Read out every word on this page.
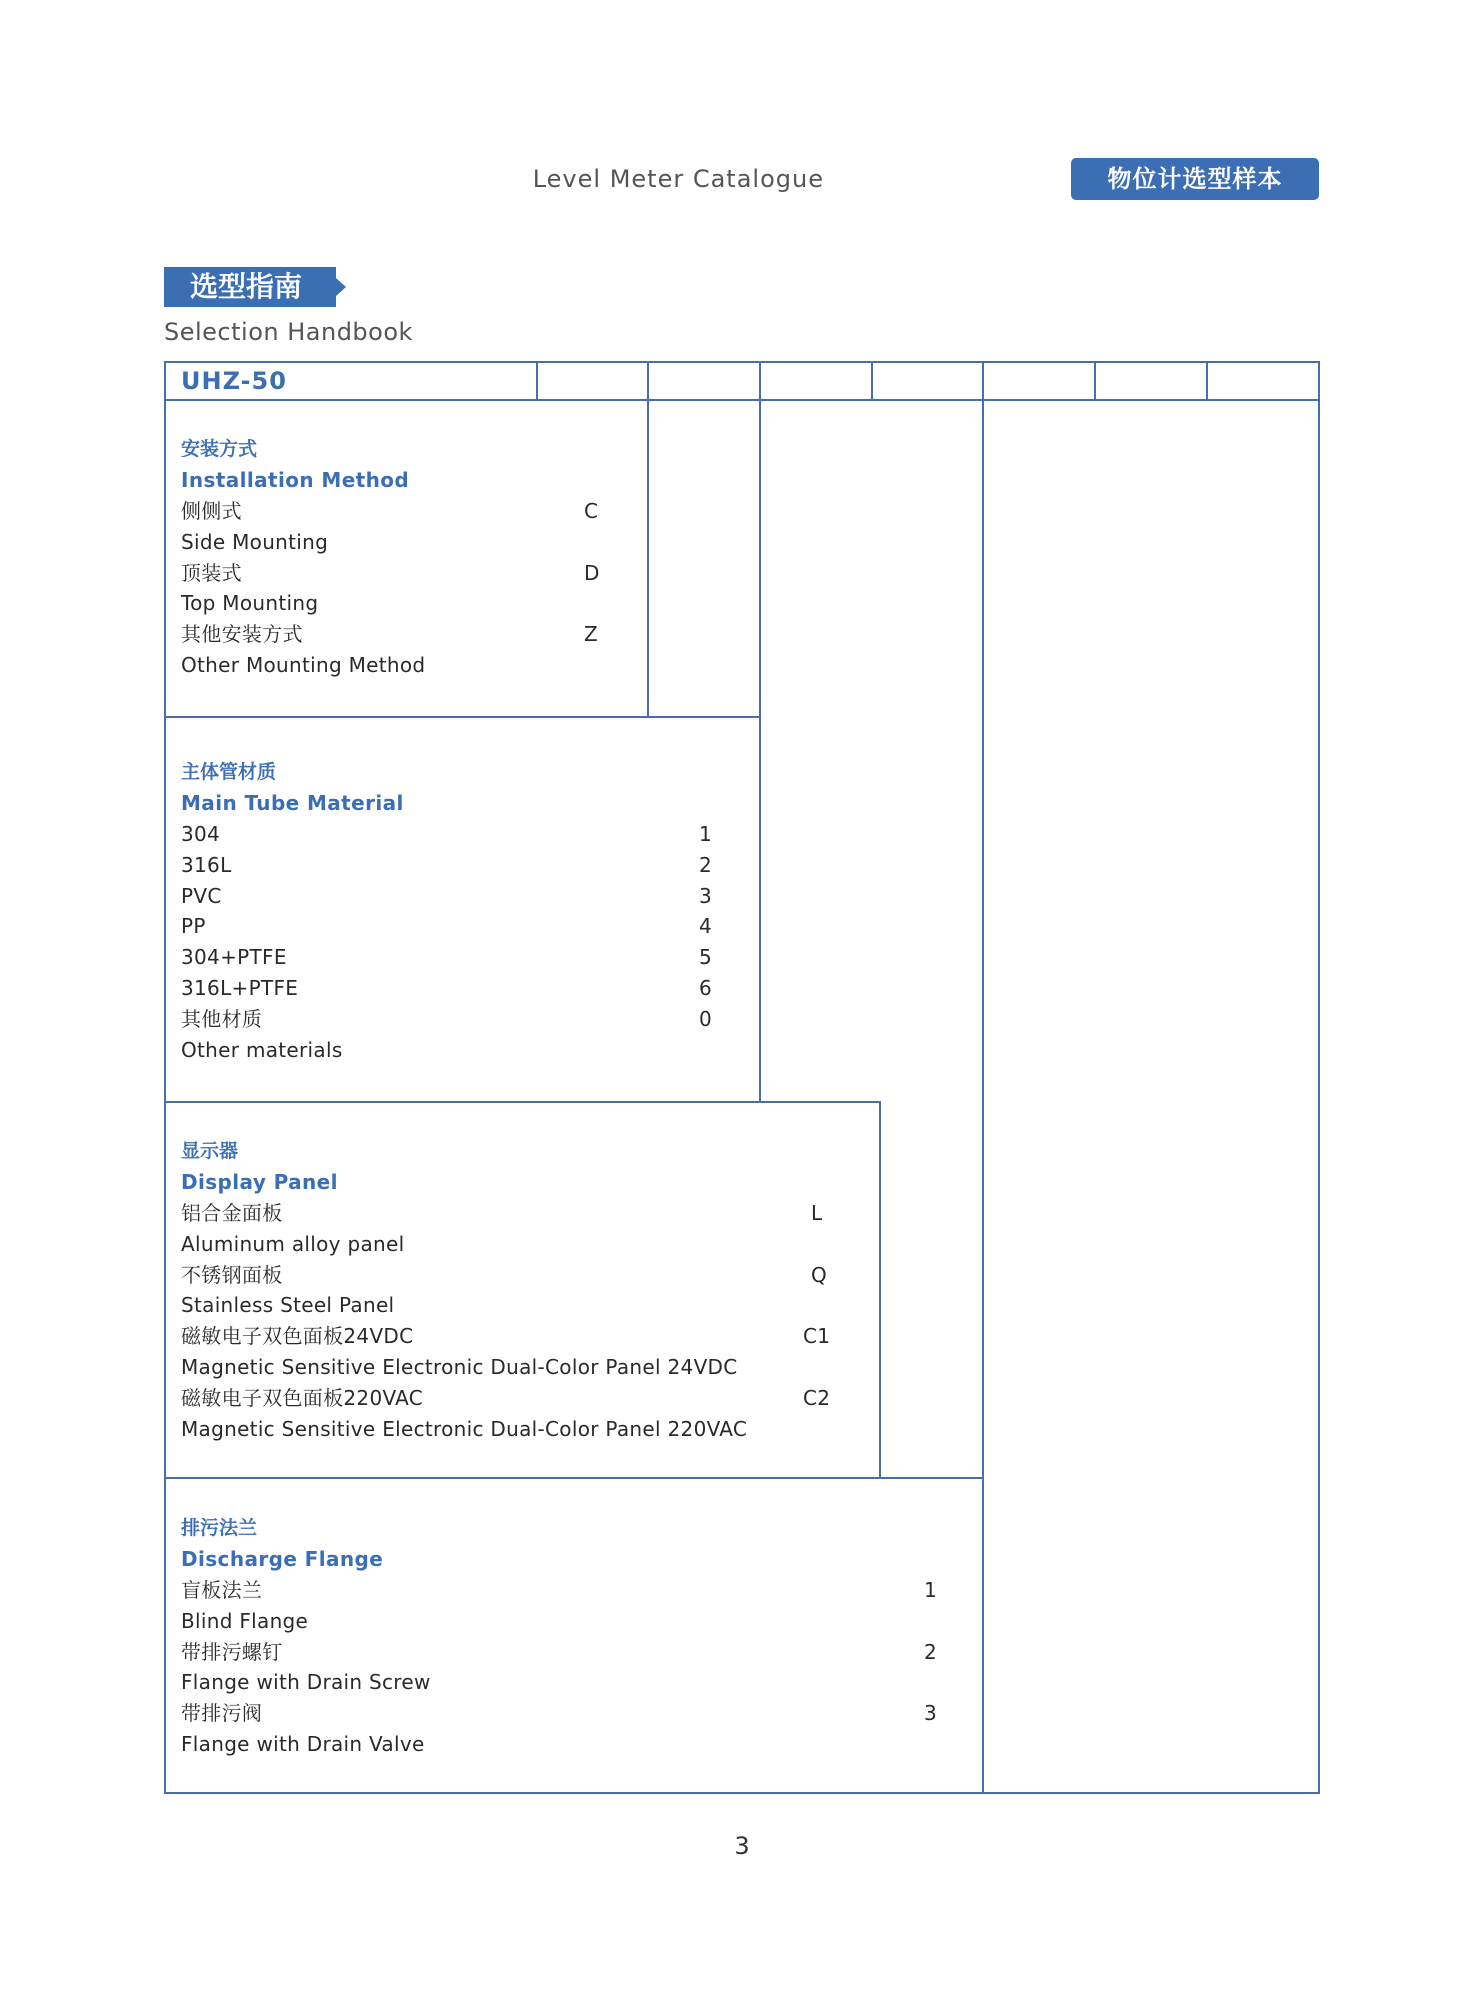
Level Meter Catalogue	物位计选型样本
选型指南
Selection Handbook
UHZ-50
安装方式
Installation Method
侧侧式	C
Side Mounting
顶装式	D
Top Mounting
其他安装方式	Z
Other Mounting Method
主体管材质
Main Tube Material
304	1
316L	2
PVC	3
PP	4
304+PTFE	5
316L+PTFE	6
其他材质	0
Other materials
显示器
Display Panel
铝合金面板	L
Aluminum alloy panel
不锈钢面板	Q
Stainless Steel Panel
磁敏电子双色面板24VDC	C1
Magnetic Sensitive Electronic Dual-Color Panel 24VDC
磁敏电子双色面板220VAC	C2
Magnetic Sensitive Electronic Dual-Color Panel 220VAC
排污法兰
Discharge Flange
盲板法兰	1
Blind Flange
带排污螺钉	2
Flange with Drain Screw
带排污阀	3
Flange with Drain Valve
3
